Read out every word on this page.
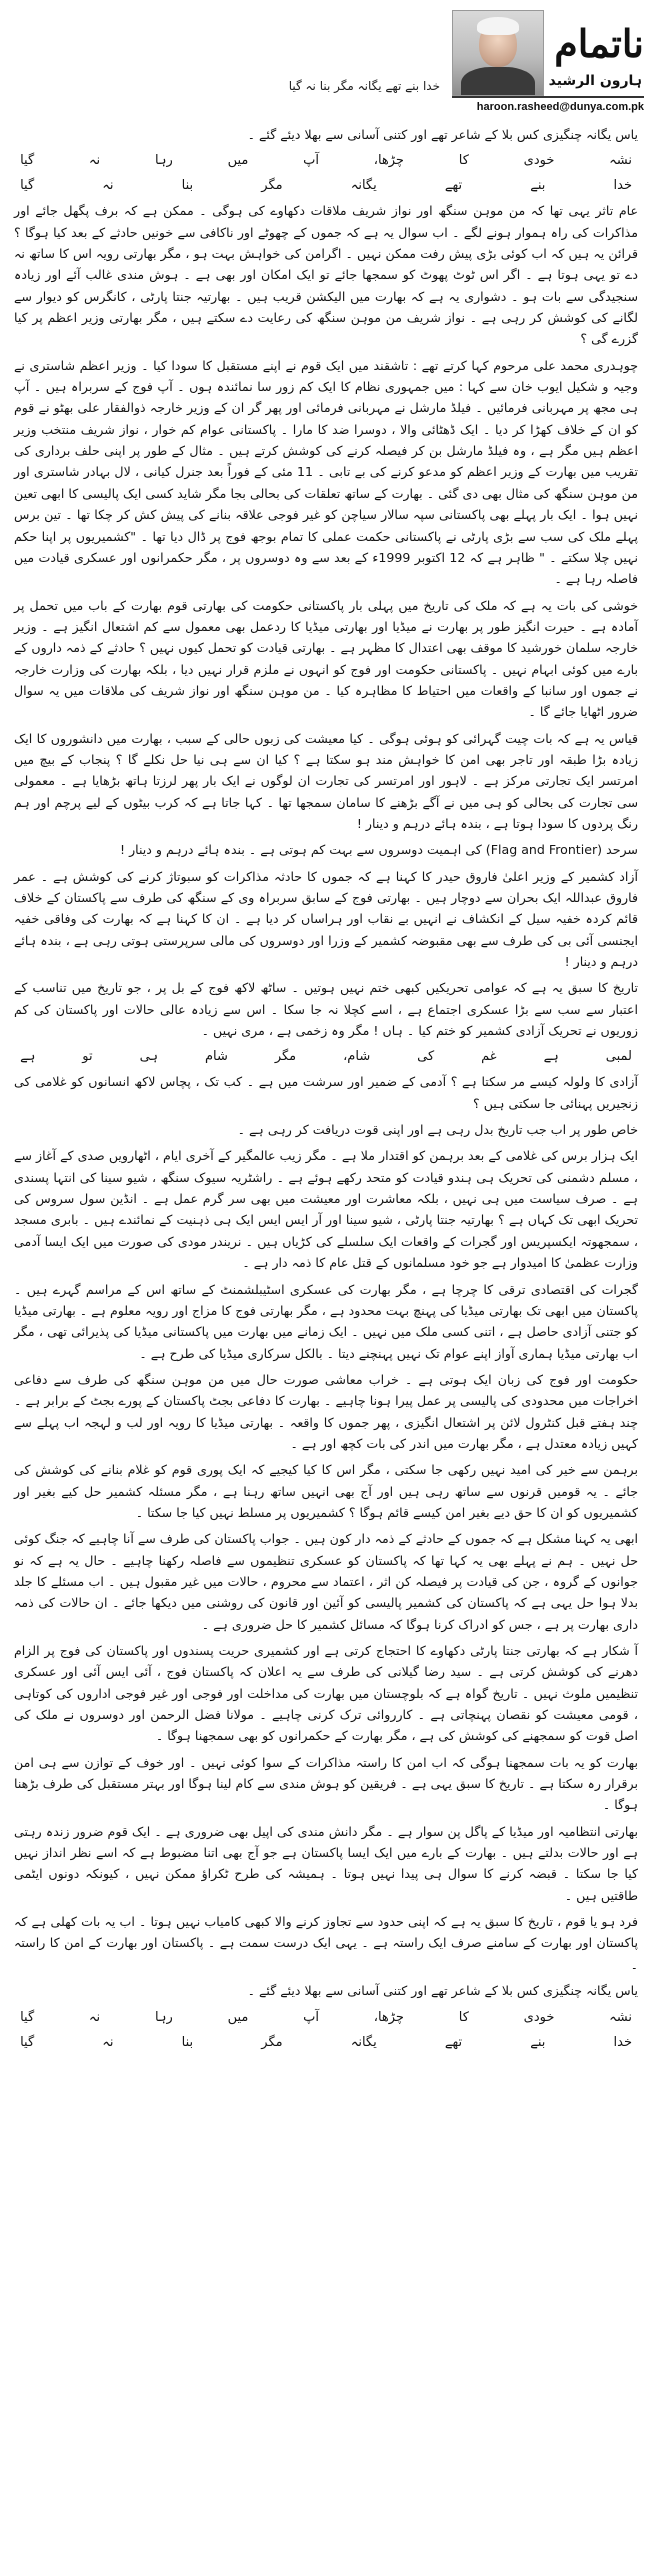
ناتمام
ہارون الرشید
خدا بنے تھے یگانہ مگر بنا نہ گیا
haroon.rasheed@dunya.com.pk

یاس یگانہ چنگیزی کس بلا کے شاعر تھے اور کتنی آسانی سے بھلا دیئے گئے ۔

نشہ
خودی
کا
چڑھا،
آپ
میں
رہا
نہ
گیا
خدا
بنے
تھے
یگانہ
مگر
بنا
نہ
گیا

عام تاثر یہی تھا کہ من موہن سنگھ اور نواز شریف ملاقات دکھاوے کی ہوگی ۔ ممکن ہے کہ برف پگھل جائے اور مذاکرات کی راہ ہموار ہونے لگے ۔ اب سوال یہ ہے کہ جموں کے چھوٹے اور ناکافی سے خونیں حادثے کے بعد کیا ہوگا ؟ قرائن یہ ہیں کہ اب کوئی بڑی پیش رفت ممکن نہیں ۔ اگرامن کی خواہش بہت ہو ، مگر بھارتی رویہ اس کا ساتھ نہ دے تو یہی ہوتا ہے ۔ اگر اس ٹوٹ پھوٹ کو سمجھا جائے تو ایک امکان اور بھی ہے ۔ ہوش مندی غالب آئے اور زیادہ سنجیدگی سے بات ہو ۔ دشواری یہ ہے کہ بھارت میں الیکشن قریب ہیں ۔ بھارتیہ جنتا پارٹی ، کانگرس کو دیوار سے لگانے کی کوشش کر رہی ہے ۔ نواز شریف من موہن سنگھ کی رعایت دے سکتے ہیں ، مگر بھارتی وزیر اعظم پر کیا گزرے گی ؟

چوہدری محمد علی مرحوم کہا کرتے تھے : تاشقند میں ایک قوم نے اپنے مستقبل کا سودا کیا ۔ وزیر اعظم شاستری نے وجیہ و شکیل ایوب خان سے کہا : میں جمہوری نظام کا ایک کم زور سا نمائندہ ہوں ۔ آپ فوج کے سربراہ ہیں ۔ آپ ہی مجھ پر مہربانی فرمائیں ۔ فیلڈ مارشل نے مہربانی فرمائی اور پھر گر ان کے وزیر خارجہ ذوالفقار علی بھٹو نے قوم کو ان کے خلاف کھڑا کر دیا ۔ ایک ڈھٹائی والا ، دوسرا ضد کا مارا ۔ پاکستانی عوام کم خوار ، نواز شریف منتخب وزیر اعظم ہیں مگر ہے ، وہ فیلڈ مارشل بن کر فیصلہ کرنے کی کوشش کرتے ہیں ۔ مثال کے طور پر اپنی حلف برداری کی تقریب میں بھارت کے وزیر اعظم کو مدعو کرنے کی بے تابی ۔ 11 مئی کے فوراً بعد جنرل کیانی ، لال بہادر شاستری اور من موہن سنگھ کی مثال بھی دی گئی ۔ بھارت کے ساتھ تعلقات کی بحالی بجا مگر شاید کسی ایک پالیسی کا ابھی تعین نہیں ہوا ۔ ایک بار پہلے بھی پاکستانی سپہ سالار سیاچن کو غیر فوجی علاقہ بنانے کی پیش کش کر چکا تھا ۔ تین برس پہلے ملک کی سب سے بڑی پارٹی نے پاکستانی حکمت عملی کا تمام بوجھ فوج پر ڈال دیا تھا ۔ "کشمیریوں پر اپنا حکم نہیں چلا سکتے ۔ " ظاہر ہے کہ 12 اکتوبر 1999ء کے بعد سے وہ دوسروں پر ، مگر حکمرانوں اور عسکری قیادت میں فاصلہ رہا ہے ۔

خوشی کی بات یہ ہے کہ ملک کی تاریخ میں پہلی بار پاکستانی حکومت کی بھارتی قوم بھارت کے باب میں تحمل پر آمادہ ہے ۔ حیرت انگیز طور پر بھارت نے میڈیا اور بھارتی میڈیا کا ردعمل بھی معمول سے کم اشتعال انگیز ہے ۔ وزیر خارجہ سلمان خورشید کا موقف بھی اعتدال کا مظہر ہے ۔ بھارتی قیادت کو تحمل کیوں نہیں ؟ حادثے کے ذمہ داروں کے بارے میں کوئی ابہام نہیں ۔ پاکستانی حکومت اور فوج کو انہوں نے ملزم قرار نہیں دیا ، بلکہ بھارت کی وزارت خارجہ نے جموں اور سانبا کے واقعات میں احتیاط کا مظاہرہ کیا ۔ من موہن سنگھ اور نواز شریف کی ملاقات میں یہ سوال ضرور اٹھایا جائے گا ۔

قیاس یہ ہے کہ بات چیت گہرائی کو ہوئی ہوگی ۔ کیا معیشت کی زبوں حالی کے سبب ، بھارت میں دانشوروں کا ایک زیادہ بڑا طبقہ اور تاجر بھی امن کا خواہش مند ہو سکتا ہے ؟ کیا ان سے ہی نیا حل نکلے گا ؟ پنجاب کے بیچ میں امرتسر ایک تجارتی مرکز ہے ۔ لاہور اور امرتسر کی تجارت ان لوگوں نے ایک بار پھر لرزتا ہاتھ بڑھایا ہے ۔ معمولی سی تجارت کی بحالی کو ہی میں نے آگے بڑھنے کا سامان سمجھا تھا ۔ کہا جاتا ہے کہ کرب بیٹوں کے لیے پرچم اور ہم رنگ پردوں کا سودا ہوتا ہے ، بندہ ہائے درہم و دینار !

سرحد (Flag and Frontier) کی اہمیت دوسروں سے بہت کم ہوتی ہے ۔ بندہ ہائے درہم و دینار !

آزاد کشمیر کے وزیر اعلیٰ فاروق حیدر کا کہنا ہے کہ جموں کا حادثہ مذاکرات کو سبوتاژ کرنے کی کوشش ہے ۔ عمر فاروق عبداللہ ایک بحران سے دوچار ہیں ۔ بھارتی فوج کے سابق سربراہ وی کے سنگھ کی طرف سے پاکستان کے خلاف قائم کردہ خفیہ سیل کے انکشاف نے انہیں بے نقاب اور ہراساں کر دیا ہے ۔ ان کا کہنا ہے کہ بھارت کی وفاقی خفیہ ایجنسی آئی بی کی طرف سے بھی مقبوضہ کشمیر کے وزرا اور دوسروں کی مالی سرپرستی ہوتی رہی ہے ، بندہ ہائے درہم و دینار !

تاریخ کا سبق یہ ہے کہ عوامی تحریکیں کبھی ختم نہیں ہوتیں ۔ ساٹھ لاکھ فوج کے بل پر ، جو تاریخ میں تناسب کے اعتبار سے سب سے بڑا عسکری اجتماع ہے ، اسے کچلا نہ جا سکا ۔ اس سے زیادہ عالی حالات اور پاکستان کی کم زوریوں نے تحریک آزادی کشمیر کو ختم کیا ۔ ہاں ! مگر وہ زخمی ہے ، مری نہیں ۔

لمبی
ہے
غم
کی
شام،
مگر
شام
ہی
تو
ہے

آزادی کا ولولہ کیسے مر سکتا ہے ؟ آدمی کے ضمیر اور سرشت میں ہے ۔ کب تک ، پچاس لاکھ انسانوں کو غلامی کی زنجیریں پہنائی جا سکتی ہیں ؟

خاص طور پر اب جب تاریخ بدل رہی ہے اور اپنی قوت دریافت کر رہی ہے ۔

ایک ہزار برس کی غلامی کے بعد برہمن کو اقتدار ملا ہے ۔ مگر زیب عالمگیر کے آخری ایام ، اٹھارویں صدی کے آغاز سے ، مسلم دشمنی کی تحریک ہی ہندو قیادت کو متحد رکھے ہوئے ہے ۔ راشٹریہ سیوک سنگھ ، شیو سینا کی انتہا پسندی ہے ۔ صرف سیاست میں ہی نہیں ، بلکہ معاشرت اور معیشت میں بھی سر گرم عمل ہے ۔ انڈین سول سروس کی تحریک ابھی تک کہاں ہے ؟ بھارتیہ جنتا پارٹی ، شیو سینا اور آر ایس ایس ایک ہی ذہنیت کے نمائندے ہیں ۔ بابری مسجد ، سمجھوتہ ایکسپریس اور گجرات کے واقعات ایک سلسلے کی کڑیاں ہیں ۔ نریندر مودی کی صورت میں ایک ایسا آدمی وزارت عظمیٰ کا امیدوار ہے جو خود مسلمانوں کے قتل عام کا ذمہ دار ہے ۔

گجرات کی اقتصادی ترقی کا چرچا ہے ، مگر بھارت کی عسکری اسٹیبلشمنٹ کے ساتھ اس کے مراسم گہرے ہیں ۔ پاکستان میں ابھی تک بھارتی میڈیا کی پہنچ بہت محدود ہے ، مگر بھارتی فوج کا مزاج اور رویہ معلوم ہے ۔ بھارتی میڈیا کو جتنی آزادی حاصل ہے ، اتنی کسی ملک میں نہیں ۔ ایک زمانے میں بھارت میں پاکستانی میڈیا کی پذیرائی تھی ، مگر اب بھارتی میڈیا ہماری آواز اپنے عوام تک نہیں پہنچنے دیتا ۔ بالکل سرکاری میڈیا کی طرح ہے ۔

حکومت اور فوج کی زبان ایک ہوتی ہے ۔ خراب معاشی صورت حال میں من موہن سنگھ کی طرف سے دفاعی اخراجات میں محدودی کی پالیسی پر عمل پیرا ہونا چاہیے ۔ بھارت کا دفاعی بجٹ پاکستان کے پورے بجٹ کے برابر ہے ۔ چند ہفتے قبل کنٹرول لائن پر اشتعال انگیزی ، پھر جموں کا واقعہ ۔ بھارتی میڈیا کا رویہ اور لب و لہجہ اب پہلے سے کہیں زیادہ معتدل ہے ، مگر بھارت میں اندر کی بات کچھ اور ہے ۔

برہمن سے خیر کی امید نہیں رکھی جا سکتی ، مگر اس کا کیا کیجیے کہ ایک پوری قوم کو غلام بنانے کی کوشش کی جائے ۔ یہ قومیں قرنوں سے ساتھ رہی ہیں اور آج بھی انہیں ساتھ رہنا ہے ، مگر مسئلہ کشمیر حل کیے بغیر اور کشمیریوں کو ان کا حق دیے بغیر امن کیسے قائم ہوگا ؟ کشمیریوں پر مسلط نہیں کیا جا سکتا ۔

ابھی یہ کہنا مشکل ہے کہ جموں کے حادثے کے ذمہ دار کون ہیں ۔ جواب پاکستان کی طرف سے آنا چاہیے کہ جنگ کوئی حل نہیں ۔ ہم نے پہلے بھی یہ کہا تھا کہ پاکستان کو عسکری تنظیموں سے فاصلہ رکھنا چاہیے ۔ حال یہ ہے کہ نو جوانوں کے گروہ ، جن کی قیادت پر فیصلہ کن اثر ، اعتماد سے محروم ، حالات میں غیر مقبول ہیں ۔ اب مسئلے کا جلد بدلا ہوا حل یہی ہے کہ پاکستان کی کشمیر پالیسی کو آئین اور قانون کی روشنی میں دیکھا جائے ۔ ان حالات کی ذمہ داری بھارت پر ہے ، جس کو ادراک کرنا ہوگا کہ مسائل کشمیر کا حل ضروری ہے ۔

آ شکار ہے کہ بھارتی جنتا پارٹی دکھاوے کا احتجاج کرتی ہے اور کشمیری حریت پسندوں اور پاکستان کی فوج پر الزام دھرنے کی کوشش کرتی ہے ۔ سید رضا گیلانی کی طرف سے یہ اعلان کہ پاکستان فوج ، آئی ایس آئی اور عسکری تنظیمیں ملوث نہیں ۔ تاریخ گواہ ہے کہ بلوچستان میں بھارت کی مداخلت اور فوجی اور غیر فوجی اداروں کی کوتاہی ، قومی معیشت کو نقصان پہنچاتی ہے ۔ کارروائی ترک کرنی چاہیے ۔ مولانا فضل الرحمن اور دوسروں نے ملک کی اصل قوت کو سمجھنے کی کوشش کی ہے ، مگر بھارت کے حکمرانوں کو بھی سمجھنا ہوگا ۔

بھارت کو یہ بات سمجھنا ہوگی کہ اب امن کا راستہ مذاکرات کے سوا کوئی نہیں ۔ اور خوف کے توازن سے ہی امن برقرار رہ سکتا ہے ۔ تاریخ کا سبق یہی ہے ۔ فریقین کو ہوش مندی سے کام لینا ہوگا اور بہتر مستقبل کی طرف بڑھنا ہوگا ۔

بھارتی انتظامیہ اور میڈیا کے پاگل پن سوار ہے ۔ مگر دانش مندی کی اپیل بھی ضروری ہے ۔ ایک قوم ضرور زندہ رہتی ہے اور حالات بدلتے ہیں ۔ بھارت کے بارے میں ایک ایسا پاکستان ہے جو آج بھی اتنا مضبوط ہے کہ اسے نظر انداز نہیں کیا جا سکتا ۔ قبضہ کرنے کا سوال ہی پیدا نہیں ہوتا ۔ ہمیشہ کی طرح ٹکراؤ ممکن نہیں ، کیونکہ دونوں ایٹمی طاقتیں ہیں ۔

فرد ہو یا قوم ، تاریخ کا سبق یہ ہے کہ اپنی حدود سے تجاوز کرنے والا کبھی کامیاب نہیں ہوتا ۔ اب یہ بات کھلی ہے کہ پاکستان اور بھارت کے سامنے صرف ایک راستہ ہے ۔ یہی ایک درست سمت ہے ۔ پاکستان اور بھارت کے امن کا راستہ ۔

یاس یگانہ چنگیزی کس بلا کے شاعر تھے اور کتنی آسانی سے بھلا دیئے گئے ۔

نشہ
خودی
کا
چڑھا،
آپ
میں
رہا
نہ
گیا
خدا
بنے
تھے
یگانہ
مگر
بنا
نہ
گیا
